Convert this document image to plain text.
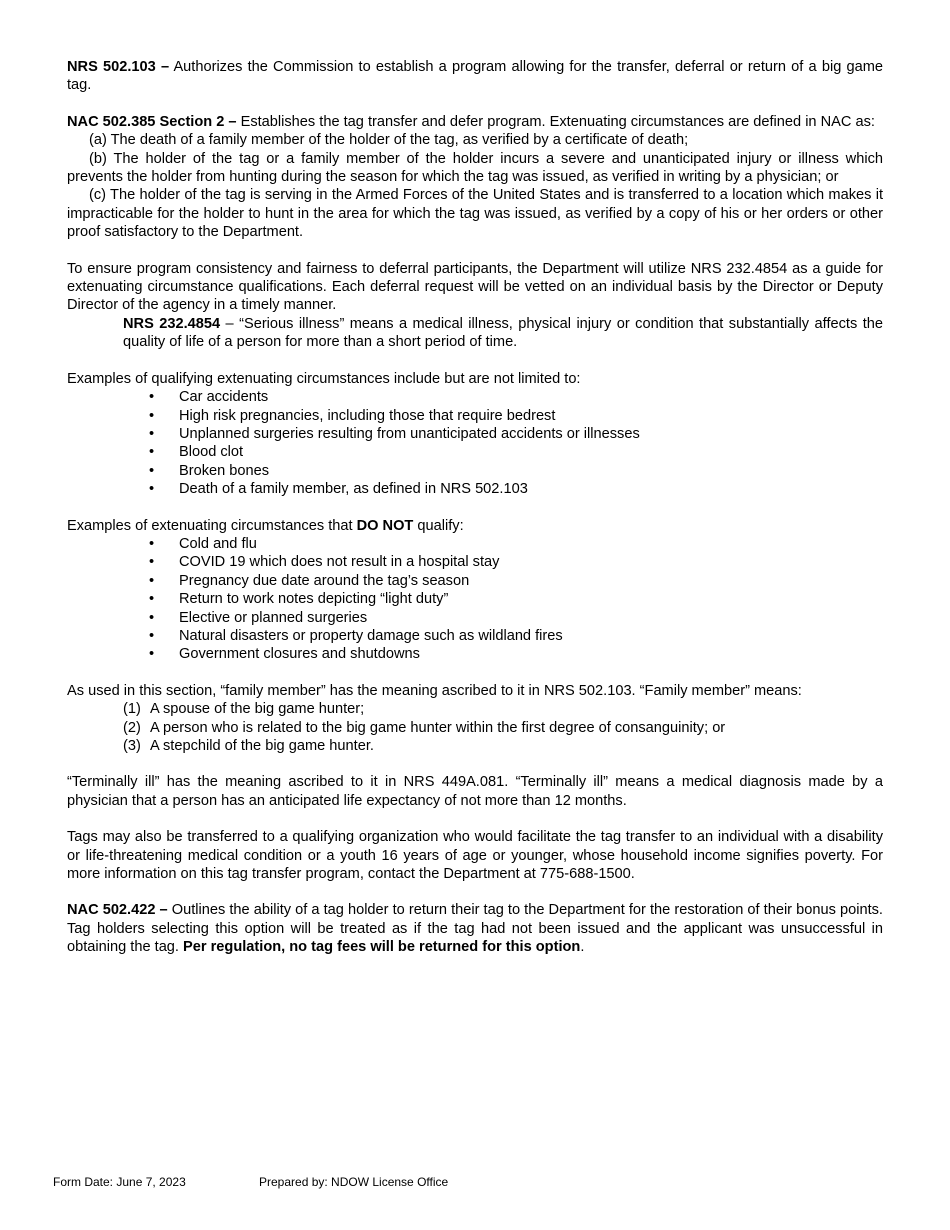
NRS 502.103 – Authorizes the Commission to establish a program allowing for the transfer, deferral or return of a big game tag.

NAC 502.385 Section 2 – Establishes the tag transfer and defer program. Extenuating circumstances are defined in NAC as:

(a) The death of a family member of the holder of the tag, as verified by a certificate of death;

(b) The holder of the tag or a family member of the holder incurs a severe and unanticipated injury or illness which prevents the holder from hunting during the season for which the tag was issued, as verified in writing by a physician; or

(c) The holder of the tag is serving in the Armed Forces of the United States and is transferred to a location which makes it impracticable for the holder to hunt in the area for which the tag was issued, as verified by a copy of his or her orders or other proof satisfactory to the Department.

To ensure program consistency and fairness to deferral participants, the Department will utilize NRS 232.4854 as a guide for extenuating circumstance qualifications. Each deferral request will be vetted on an individual basis by the Director or Deputy Director of the agency in a timely manner.

NRS 232.4854 – “Serious illness” means a medical illness, physical injury or condition that substantially affects the quality of life of a person for more than a short period of time.

Examples of qualifying extenuating circumstances include but are not limited to:

• Car accidents
• High risk pregnancies, including those that require bedrest
• Unplanned surgeries resulting from unanticipated accidents or illnesses
• Blood clot
• Broken bones
• Death of a family member, as defined in NRS 502.103

Examples of extenuating circumstances that DO NOT qualify:

• Cold and flu
• COVID 19 which does not result in a hospital stay
• Pregnancy due date around the tag’s season
• Return to work notes depicting “light duty”
• Elective or planned surgeries
• Natural disasters or property damage such as wildland fires
• Government closures and shutdowns

As used in this section, “family member” has the meaning ascribed to it in NRS 502.103. “Family member” means:

(1) A spouse of the big game hunter;
(2) A person who is related to the big game hunter within the first degree of consanguinity; or
(3) A stepchild of the big game hunter.

“Terminally ill” has the meaning ascribed to it in NRS 449A.081. “Terminally ill” means a medical diagnosis made by a physician that a person has an anticipated life expectancy of not more than 12 months.

Tags may also be transferred to a qualifying organization who would facilitate the tag transfer to an individual with a disability or life-threatening medical condition or a youth 16 years of age or younger, whose household income signifies poverty. For more information on this tag transfer program, contact the Department at 775-688-1500.

NAC 502.422 – Outlines the ability of a tag holder to return their tag to the Department for the restoration of their bonus points. Tag holders selecting this option will be treated as if the tag had not been issued and the applicant was unsuccessful in obtaining the tag. Per regulation, no tag fees will be returned for this option.

Form Date: June 7, 2023	Prepared by: NDOW License Office
